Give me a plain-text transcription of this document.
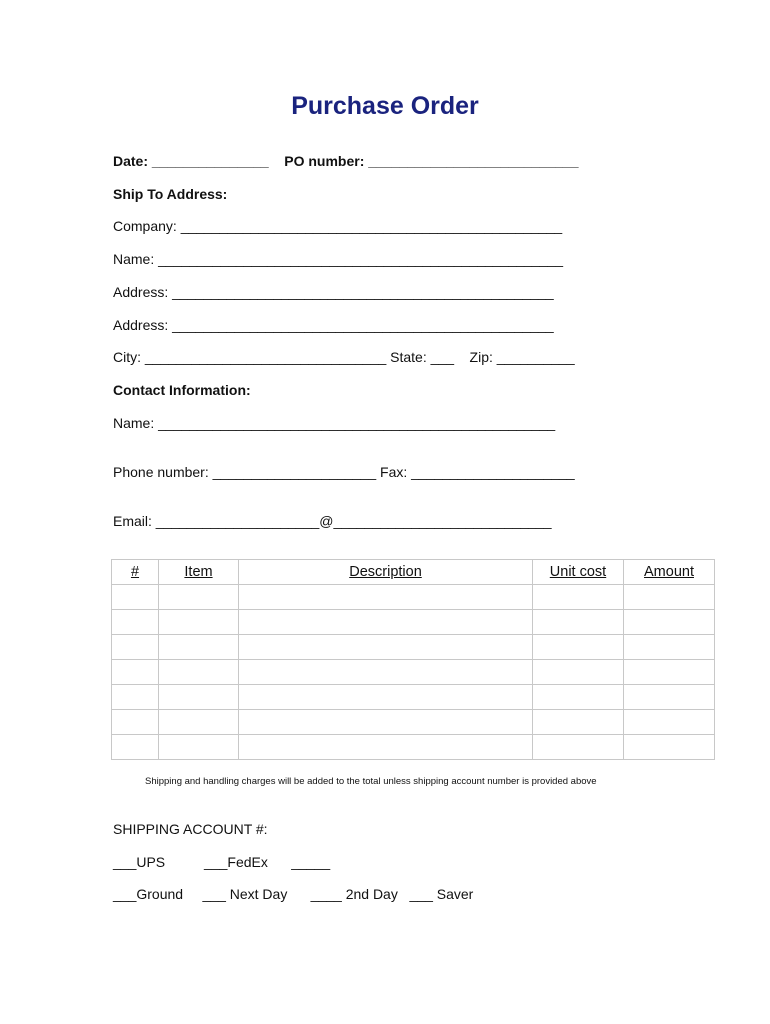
Purchase Order
Date: _______________    PO number: ___________________________
Ship To Address:
Company: _________________________________________________
Name: ____________________________________________________
Address: _________________________________________________
Address: _________________________________________________
City: _______________________________ State: ___    Zip: __________
Contact Information:
Name: ___________________________________________________
Phone number: _____________________ Fax: _____________________
Email: _____________________@____________________________
#	Item	Description	Unit cost	Amount

Shipping and handling charges will be added to the total unless shipping account number is provided above
SHIPPING ACCOUNT #:
___UPS          ___FedEx      _____
___Ground     ___ Next Day      ____ 2nd Day   ___ Saver
